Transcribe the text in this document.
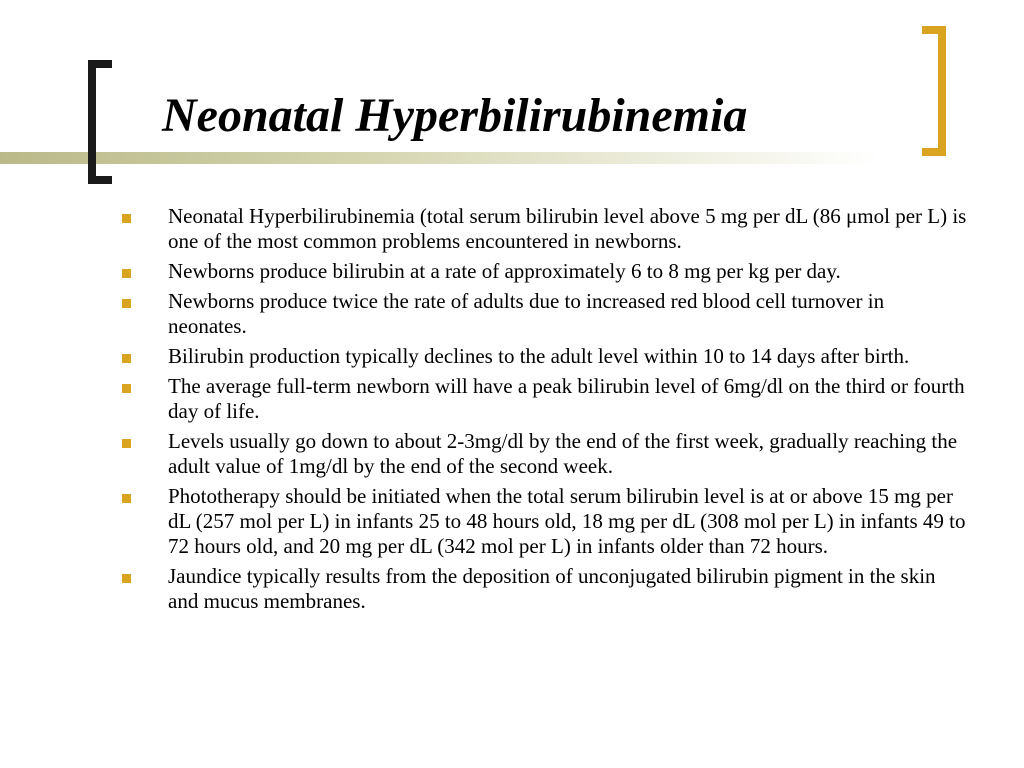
Neonatal Hyperbilirubinemia
Neonatal Hyperbilirubinemia (total serum bilirubin level above 5 mg per dL (86 μmol per L) is one of the most common problems encountered in newborns.
Newborns produce bilirubin at a rate of approximately 6 to 8 mg per kg per day.
Newborns produce twice the rate of adults due to increased red blood cell turnover in neonates.
Bilirubin production typically declines to the adult level within 10 to 14 days after birth.
The average full-term newborn will have a peak bilirubin level of 6mg/dl on the third or fourth day of life.
Levels usually go down to about 2-3mg/dl by the end of the first week, gradually reaching the adult value of 1mg/dl by the end of the second week.
Phototherapy should be initiated when the total serum bilirubin level is at or above 15 mg per dL (257 mol per L) in infants 25 to 48 hours old, 18 mg per dL (308 mol per L) in infants 49 to 72 hours old, and 20 mg per dL (342 mol per L) in infants older than 72 hours.
Jaundice typically results from the deposition of unconjugated bilirubin pigment in the skin and mucus membranes.
